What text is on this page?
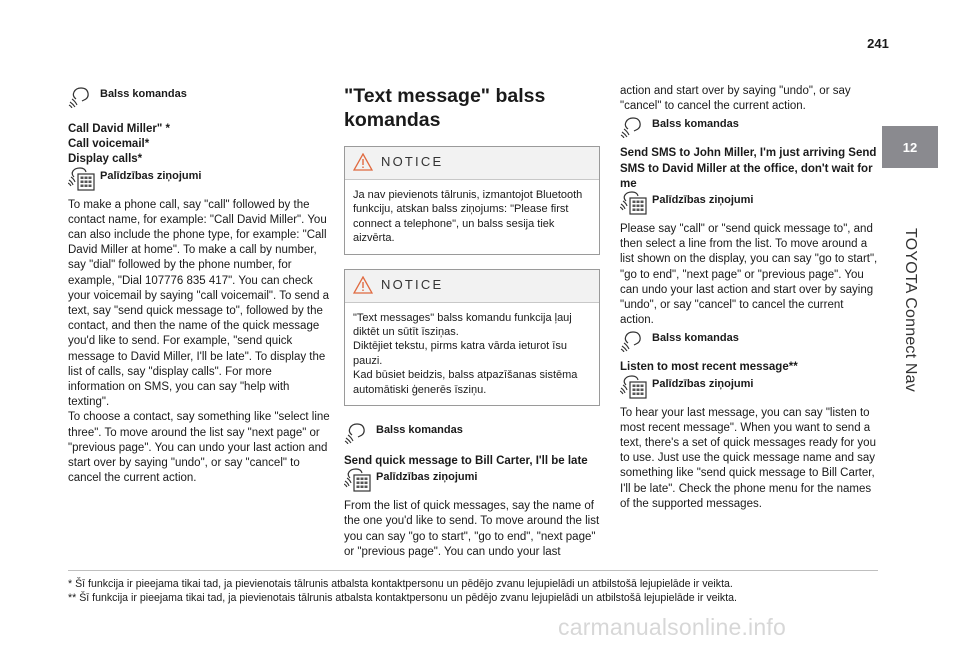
241
12
TOYOTA Connect Nav
Balss komandas
Call David Miller" *
Call voicemail*
Display calls*
Palīdzības ziņojumi
To make a phone call, say "call" followed by the contact name, for example: "Call David Miller". You can also include the phone type, for example: "Call David Miller at home". To make a call by number, say "dial" followed by the phone number, for example, "Dial 107776 835 417". You can check your voicemail by saying "call voicemail". To send a text, say "send quick message to", followed by the contact, and then the name of the quick message you'd like to send. For example, "send quick message to David Miller, I'll be late". To display the list of calls, say "display calls". For more information on SMS, you can say "help with texting".
To choose a contact, say something like "select line three". To move around the list say "next page" or "previous page". You can undo your last action and start over by saying "undo", or say "cancel" to cancel the current action.
"Text message" balss
komandas
NOTICE
Ja nav pievienots tālrunis, izmantojot Bluetooth funkciju, atskan balss ziņojums: "Please first connect a telephone", un balss sesija tiek aizvērta.
NOTICE
"Text messages" balss komandu funkcija ļauj diktēt un sūtīt īsziņas.
Diktējiet tekstu, pirms katra vārda ieturot īsu pauzi.
Kad būsiet beidzis, balss atpazīšanas sistēma automātiski ģenerēs īsziņu.
Balss komandas
Send quick message to Bill Carter, I'll be late
Palīdzības ziņojumi
From the list of quick messages, say the name of the one you'd like to send. To move around the list you can say "go to start", "go to end", "next page" or "previous page". You can undo your last
action and start over by saying "undo", or say "cancel" to cancel the current action.
Balss komandas
Send SMS to John Miller, I'm just arriving Send SMS to David Miller at the office, don't wait for me
Palīdzības ziņojumi
Please say "call" or "send quick message to", and then select a line from the list. To move around a list shown on the display, you can say "go to start", "go to end", "next page" or "previous page". You can undo your last action and start over by saying "undo", or say "cancel" to cancel the current action.
Balss komandas
Listen to most recent message**
Palīdzības ziņojumi
To hear your last message, you can say "listen to most recent message". When you want to send a text, there's a set of quick messages ready for you to use. Just use the quick message name and say something like "send quick message to Bill Carter, I'll be late". Check the phone menu for the names of the supported messages.
* Šī funkcija ir pieejama tikai tad, ja pievienotais tālrunis atbalsta kontaktpersonu un pēdējo zvanu lejupielādi un atbilstošā lejupielāde ir veikta.
** Šī funkcija ir pieejama tikai tad, ja pievienotais tālrunis atbalsta kontaktpersonu un pēdējo zvanu lejupielādi un atbilstošā lejupielāde ir veikta.
carmanualsonline.info
